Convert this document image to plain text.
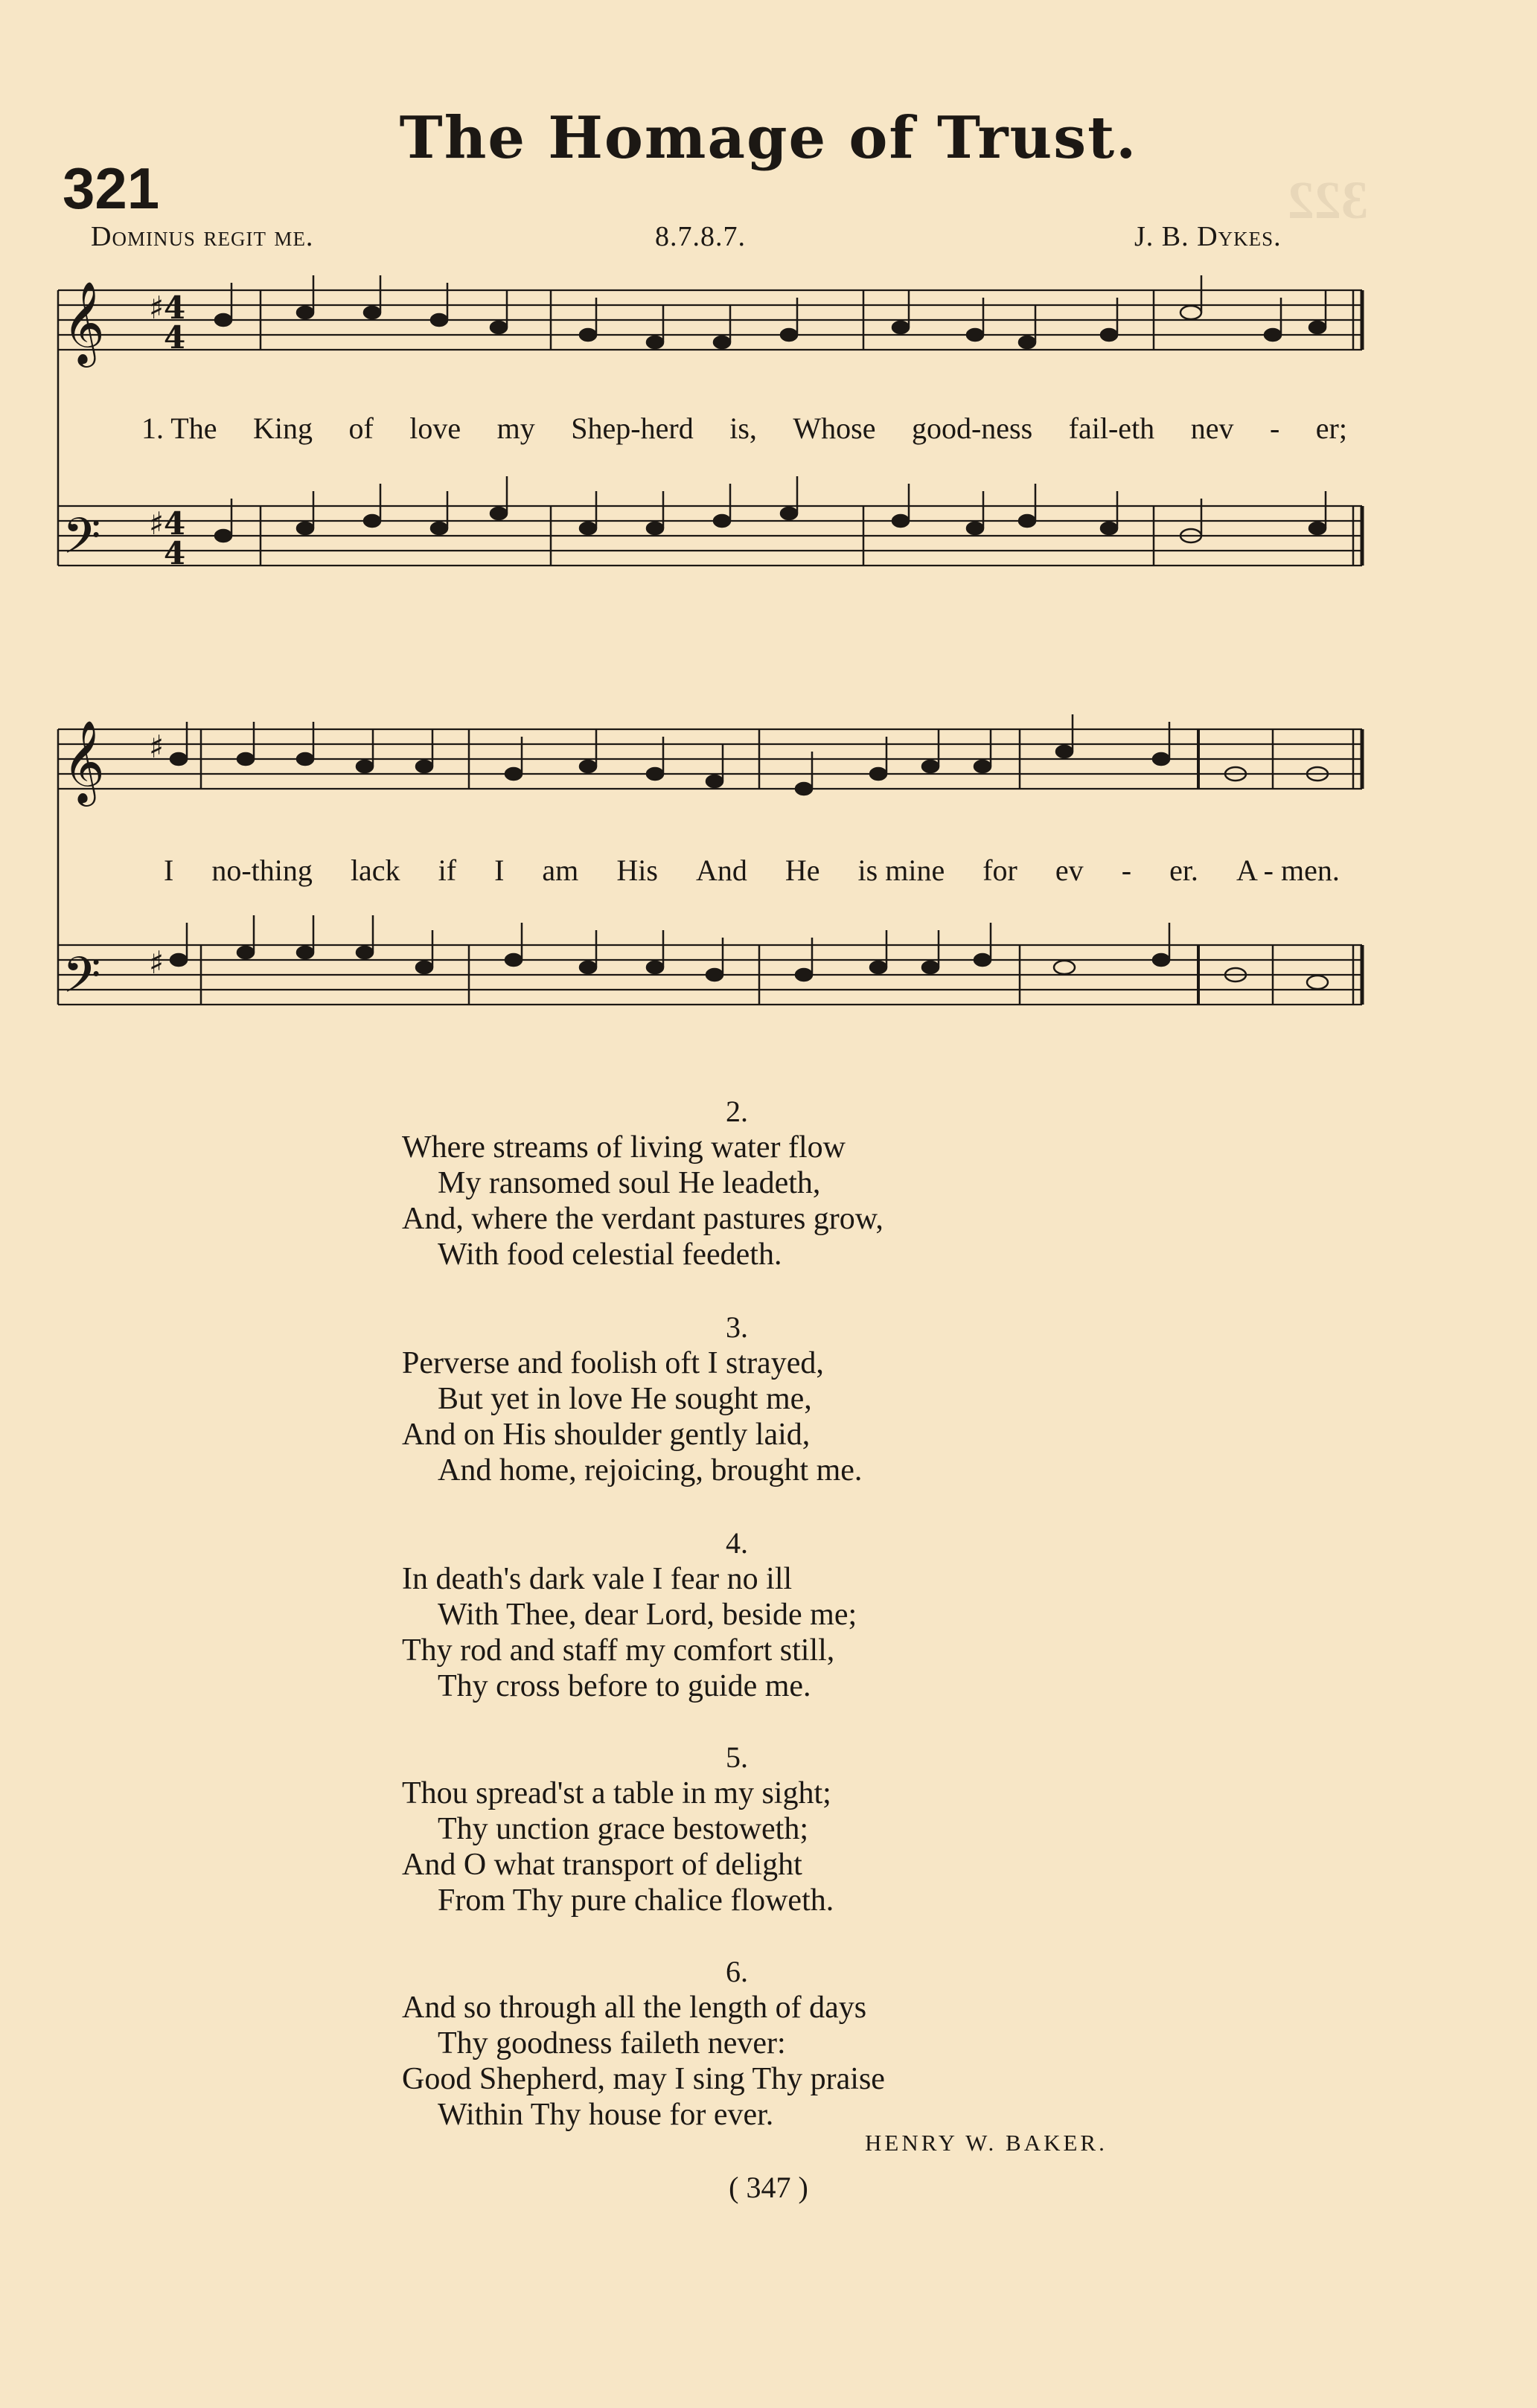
322
The Homage of Trust.
321
Dominus regit me.	8.7.8.7.	J. B. Dykes.
𝄞
𝄢
♯ 4
4
♯ 4
4
1. The King of love my Shep-herd is, Whose good-ness fail-eth nev - er;
𝄞
𝄢
♯
♯
I no-thing lack if I am His And He is mine for ev - er. A - men.
2.
Where streams of living water flow
My ransomed soul He leadeth,
And, where the verdant pastures grow,
With food celestial feedeth.
3.
Perverse and foolish oft I strayed,
But yet in love He sought me,
And on His shoulder gently laid,
And home, rejoicing, brought me.
4.
In death's dark vale I fear no ill
With Thee, dear Lord, beside me;
Thy rod and staff my comfort still,
Thy cross before to guide me.
5.
Thou spread'st a table in my sight;
Thy unction grace bestoweth;
And O what transport of delight
From Thy pure chalice floweth.
6.
And so through all the length of days
Thy goodness faileth never:
Good Shepherd, may I sing Thy praise
Within Thy house for ever.
HENRY W. BAKER.
( 347 )
